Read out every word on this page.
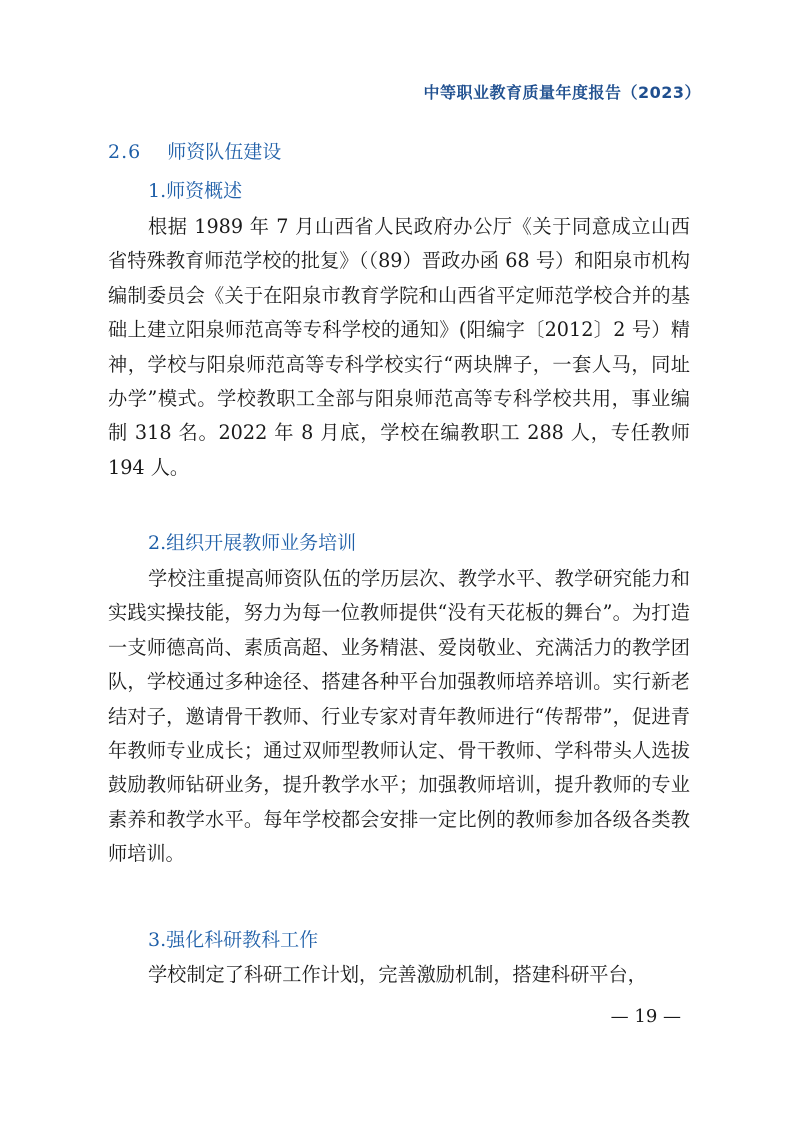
中等职业教育质量年度报告（2023）
2.6 师资队伍建设
1.师资概述

根据 1989 年 7 月山西省人民政府办公厅《关于同意成立山西省特殊教育师范学校的批复》（（89）晋政办函 68 号）和阳泉市机构编制委员会《关于在阳泉市教育学院和山西省平定师范学校合并的基础上建立阳泉师范高等专科学校的通知》(阳编字〔2012〕2 号）精神，学校与阳泉师范高等专科学校实行“两块牌子，一套人马，同址办学”模式。学校教职工全部与阳泉师范高等专科学校共用，事业编制 318 名。2022 年 8 月底，学校在编教职工 288 人，专任教师 194 人。

2.组织开展教师业务培训

学校注重提高师资队伍的学历层次、教学水平、教学研究能力和实践实操技能，努力为每一位教师提供“没有天花板的舞台”。为打造一支师德高尚、素质高超、业务精湛、爱岗敬业、充满活力的教学团队，学校通过多种途径、搭建各种平台加强教师培养培训。实行新老结对子，邀请骨干教师、行业专家对青年教师进行“传帮带”，促进青年教师专业成长；通过双师型教师认定、骨干教师、学科带头人选拔鼓励教师钻研业务，提升教学水平；加强教师培训，提升教师的专业素养和教学水平。每年学校都会安排一定比例的教师参加各级各类教师培训。

3.强化科研教科工作

学校制定了科研工作计划，完善激励机制，搭建科研平台，

— 19 —
